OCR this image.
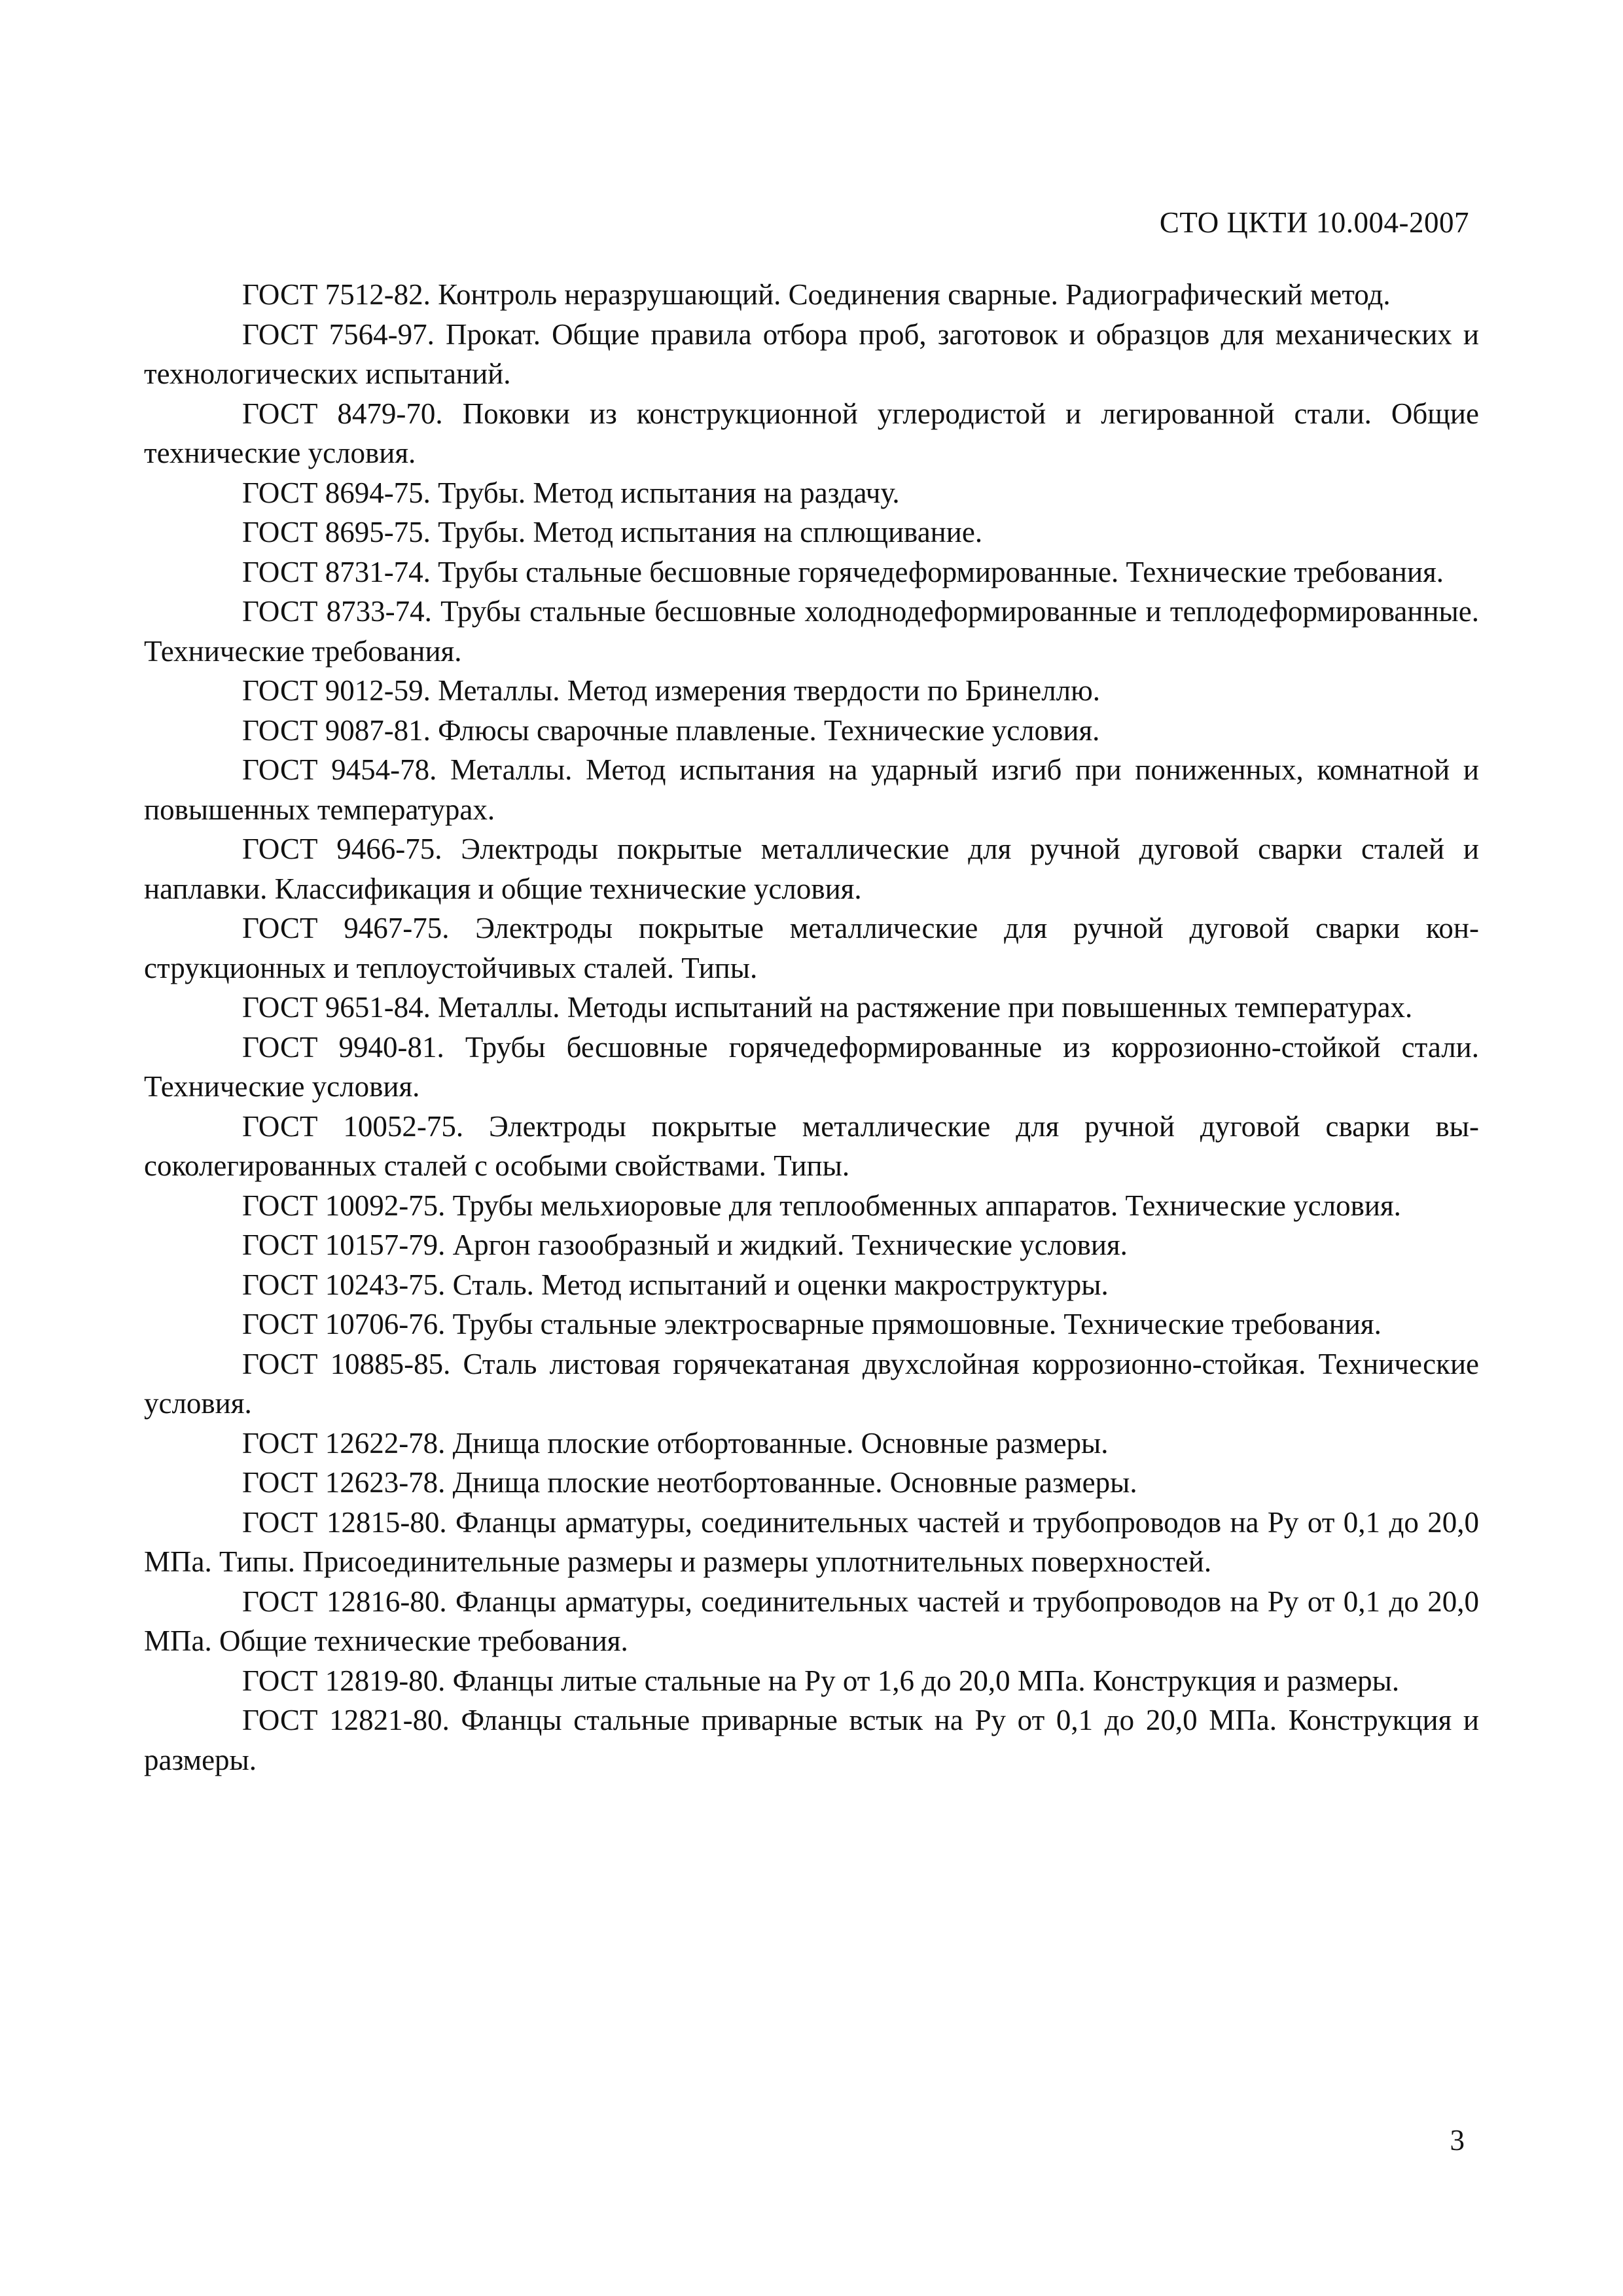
СТО ЦКТИ 10.004-2007

ГОСТ 7512-82. Контроль неразрушающий. Соединения сварные. Радиографический метод.

ГОСТ 7564-97. Прокат. Общие правила отбора проб, заготовок и образцов для механических и технологических испытаний.

ГОСТ 8479-70. Поковки из конструкционной углеродистой и легированной стали. Общие технические условия.

ГОСТ 8694-75. Трубы. Метод испытания на раздачу.

ГОСТ 8695-75. Трубы. Метод испытания на сплющивание.

ГОСТ 8731-74. Трубы стальные бесшовные горячедеформированные. Технические требования.

ГОСТ 8733-74. Трубы стальные бесшовные холоднодеформированные и теплодеформированные. Технические требования.

ГОСТ 9012-59. Металлы. Метод измерения твердости по Бринеллю.

ГОСТ 9087-81. Флюсы сварочные плавленые. Технические условия.

ГОСТ 9454-78. Металлы. Метод испытания на ударный изгиб при пониженных, комнатной и повышенных температурах.

ГОСТ 9466-75. Электроды покрытые металлические для ручной дуговой сварки сталей и наплавки. Классификация и общие технические условия.

ГОСТ 9467-75. Электроды покрытые металлические для ручной дуговой сварки конструкционных и теплоустойчивых сталей. Типы.

ГОСТ 9651-84. Металлы. Методы испытаний на растяжение при повышенных температурах.

ГОСТ 9940-81. Трубы бесшовные горячедеформированные из коррозионно-стойкой стали. Технические условия.

ГОСТ 10052-75. Электроды покрытые металлические для ручной дуговой сварки высоколегированных сталей с особыми свойствами. Типы.

ГОСТ 10092-75. Трубы мельхиоровые для теплообменных аппаратов. Технические условия.

ГОСТ 10157-79. Аргон газообразный и жидкий. Технические условия.

ГОСТ 10243-75. Сталь. Метод испытаний и оценки макроструктуры.

ГОСТ 10706-76. Трубы стальные электросварные прямошовные. Технические требования.

ГОСТ 10885-85. Сталь листовая горячекатаная двухслойная коррозионно-стойкая. Технические условия.

ГОСТ 12622-78. Днища плоские отбортованные. Основные размеры.

ГОСТ 12623-78. Днища плоские неотбортованные. Основные размеры.

ГОСТ 12815-80. Фланцы арматуры, соединительных частей и трубопроводов на Ру от 0,1 до 20,0 МПа. Типы. Присоединительные размеры и размеры уплотнительных поверхностей.

ГОСТ 12816-80. Фланцы арматуры, соединительных частей и трубопроводов на Ру от 0,1 до 20,0 МПа. Общие технические требования.

ГОСТ 12819-80. Фланцы литые стальные на Ру от 1,6 до 20,0 МПа. Конструкция и размеры.

ГОСТ 12821-80. Фланцы стальные приварные встык на Ру от 0,1 до 20,0 МПа. Конструкция и размеры.

3
